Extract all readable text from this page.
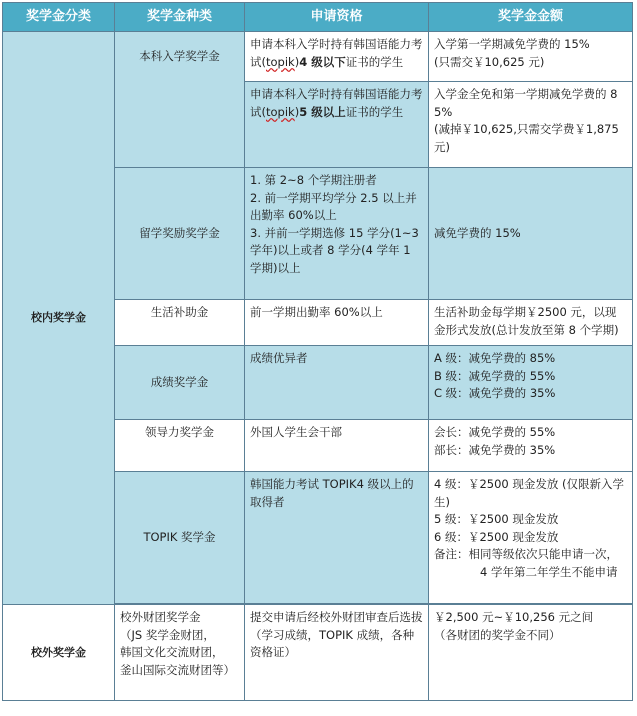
奖学金分类	奖学金种类	申请资格	奖学金金额
校内奖学金	本科入学奖学金	申请本科入学时持有韩国语能力考试(topik)4 级以下证书的学生	入学第一学期减免学费的 15%
(只需交￥10,625 元)

		申请本科入学时持有韩国语能力考试(topik)5 级以上证书的学生	入学金全免和第一学期减免学费的 85%
(减掉￥10,625,只需交学费￥1,875 元)

	留学奖励奖学金	1. 第 2~8 个学期注册者
2. 前一学期平均学分 2.5 以上并出勤率 60%以上
3. 并前一学期选修 15 学分(1~3 学年)以上或者 8 学分(4 学年 1 学期)以上	减免学费的 15%
	生活补助金	前一学期出勤率 60%以上	生活补助金每学期￥2500 元，以现金形式发放(总计发放至第 8 个学期)
	成绩奖学金	成绩优异者	A 级：减免学费的 85%
B 级：减免学费的 55%
C 级：减免学费的 35%

	领导力奖学金	外国人学生会干部	会长：减免学费的 55%
部长：减免学费的 35%

	TOPIK 奖学金	韩国能力考试 TOPIK4 级以上的取得者	4 级：￥2500 现金发放 (仅限新入学生)
5 级：￥2500 现金发放
6 级：￥2500 现金发放
备注：相同等级依次只能申请一次，
4 学年第二年学生不能申请

校外奖学金	校外财团奖学金
（JS 奖学金财团，
韩国文化交流财团，
釜山国际交流财团等）	提交申请后经校外财团审查后选拔（学习成绩，TOPIK 成绩，各种资格证）	￥2,500 元~￥10,256 元之间
（各财团的奖学金不同）
